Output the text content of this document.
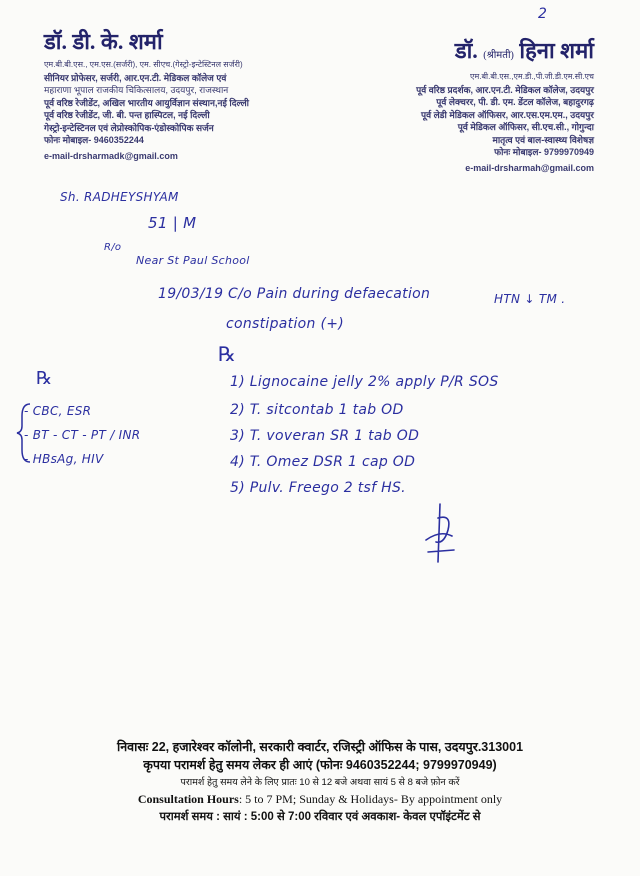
2
डॉ. डी. के. शर्मा
एम.बी.बी.एस., एम.एस.(सर्जरी), एम. सीएच.(गेस्ट्रो-इन्टेस्टिनल सर्जरी)
सीनियर प्रोफेसर, सर्जरी, आर.एन.टी. मेडिकल कॉलेज एवं
महाराणा भूपाल राजकीय चिकित्सालय, उदयपुर, राजस्थान
पूर्व वरिष्ठ रेजीडेंट, अखिल भारतीय आयुर्विज्ञान संस्थान,नई दिल्ली
पूर्व वरिष्ठ रेजीडेंट, जी. बी. पन्त हास्पिटल, नई दिल्ली
गेस्ट्रो-इन्टेस्टिनल एवं लेप्रोस्कोपिक-एंडोस्कोपिक सर्जन
फोनः मोबाइल- 9460352244
e-mail-drsharmadk@gmail.com
डॉ. (श्रीमती) हिना शर्मा
एम.बी.बी.एस.,एम.डी.,पी.जी.डी.एम.सी.एच
पूर्व वरिष्ठ प्रदर्शक, आर.एन.टी. मेडिकल कॉलेज, उदयपुर
पूर्व लेक्चरर, पी. डी. एम. डेंटल कॉलेज, बहादुरगढ़
पूर्व लेडी मेडिकल ऑफिसर, आर.एस.एम.एम., उदयपुर
पूर्व मेडिकल ऑफिसर, सी.एच.सी., गोगुन्दा
मातृत्व एवं बाल-स्वास्थ्य विशेषज्ञ
फोनः मोबाइल- 9799970949
e-mail-drsharmah@gmail.com
Sh. RADHEYSHYAM
51 | M
R/o
Near St Paul School
19/03/19 C/o Pain during defaecation
constipation (+)
HTN ↓ TM .
℞
1) Lignocaine jelly 2% apply P/R SOS
2) T. sitcontab 1 tab OD
3) T. voveran SR 1 tab OD
4) T. Omez DSR 1 cap OD
5) Pulv. Freego 2 tsf HS.
℞
- CBC, ESR
- BT - CT - PT / INR
- HBsAg, HIV
निवासः 22, हजारेश्वर कॉलोनी, सरकारी क्वार्टर, रजिस्ट्री ऑफिस के पास, उदयपुर.313001
कृपया परामर्श हेतु समय लेकर ही आएं (फोनः 9460352244; 9799970949)
परामर्श हेतु समय लेने के लिए प्रातः 10 से 12 बजे अथवा सायं 5 से 8 बजे फ़ोन करें
Consultation Hours: 5 to 7 PM; Sunday & Holidays- By appointment only
परामर्श समय : सायं : 5:00 से 7:00 रविवार एवं अवकाश- केवल एपॉइंटमेंट से
